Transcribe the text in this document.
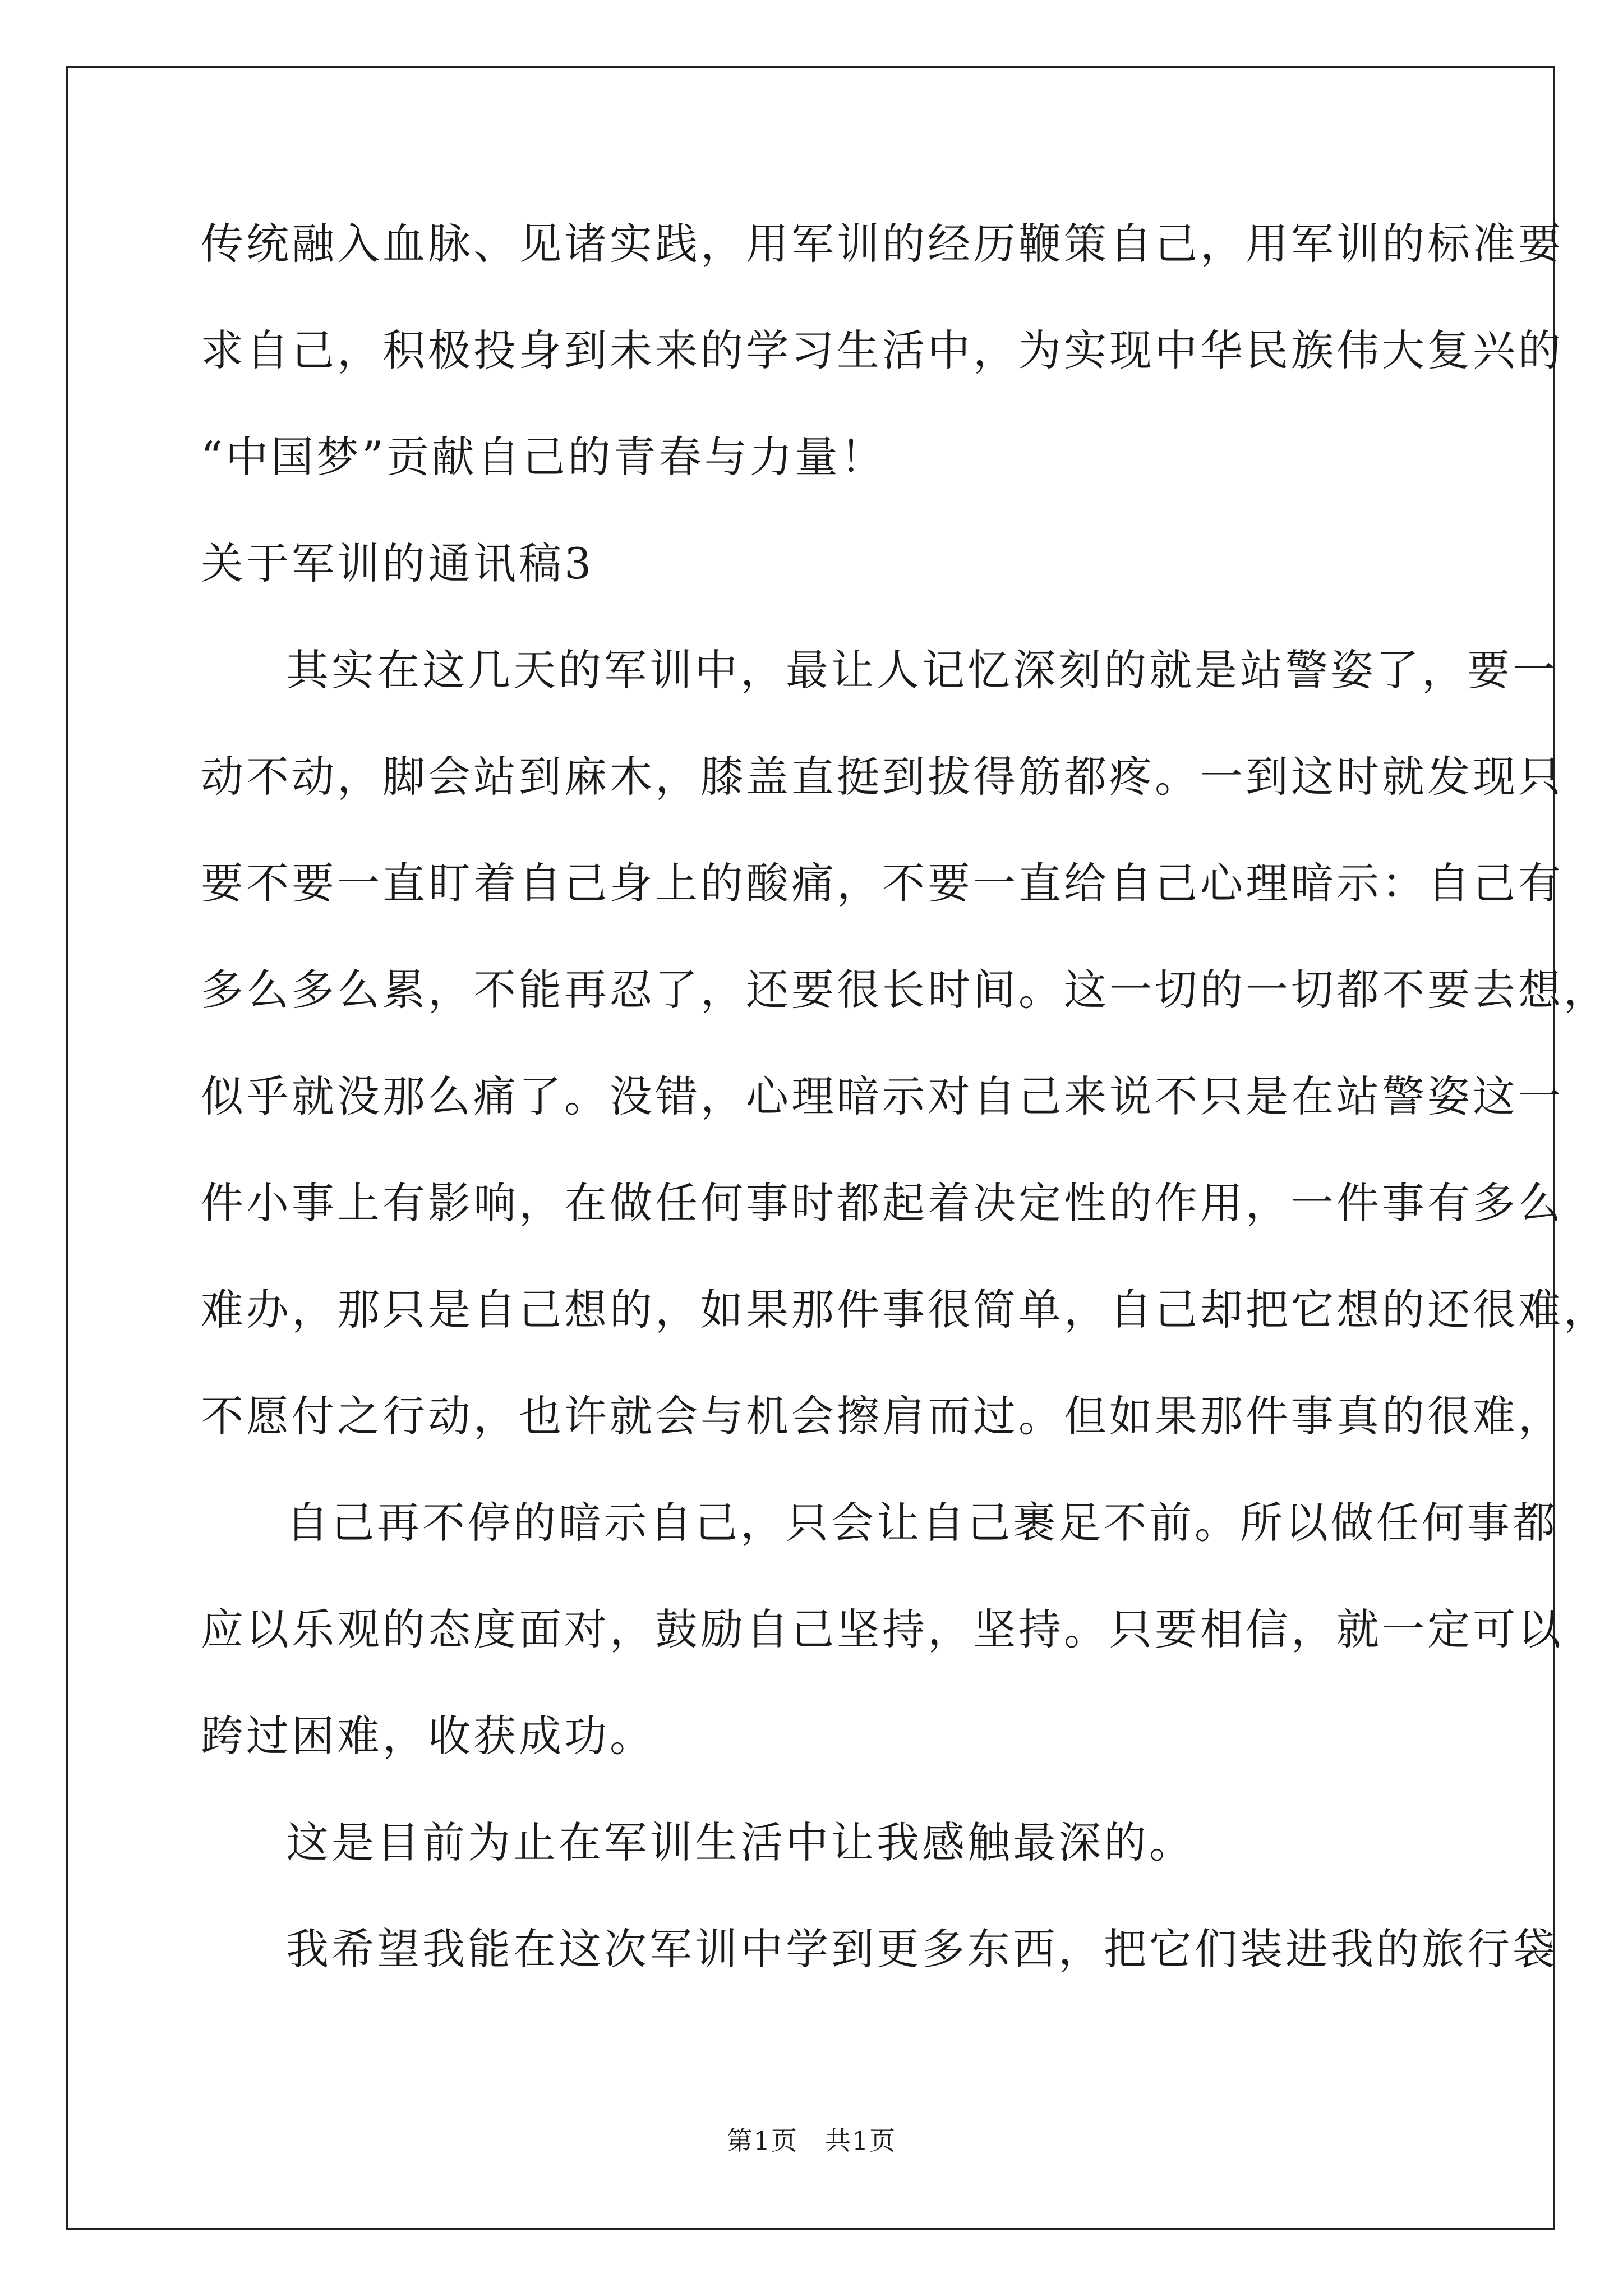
传统融入血脉、见诸实践，用军训的经历鞭策自己，用军训的标准要
求自己，积极投身到未来的学习生活中，为实现中华民族伟大复兴的
“中国梦”贡献自己的青春与力量！
关于军训的通讯稿3
其实在这几天的军训中，最让人记忆深刻的就是站警姿了，要一
动不动，脚会站到麻木，膝盖直挺到拔得筋都疼。一到这时就发现只
要不要一直盯着自己身上的酸痛，不要一直给自己心理暗示：自己有
多么多么累，不能再忍了，还要很长时间。这一切的一切都不要去想，
似乎就没那么痛了。没错，心理暗示对自己来说不只是在站警姿这一
件小事上有影响，在做任何事时都起着决定性的作用，一件事有多么
难办，那只是自己想的，如果那件事很简单，自己却把它想的还很难，
不愿付之行动，也许就会与机会擦肩而过。但如果那件事真的很难，
自己再不停的暗示自己，只会让自己裹足不前。所以做任何事都
应以乐观的态度面对，鼓励自己坚持，坚持。只要相信，就一定可以
跨过困难，收获成功。
这是目前为止在军训生活中让我感触最深的。
我希望我能在这次军训中学到更多东西，把它们装进我的旅行袋
第1页　共1页
